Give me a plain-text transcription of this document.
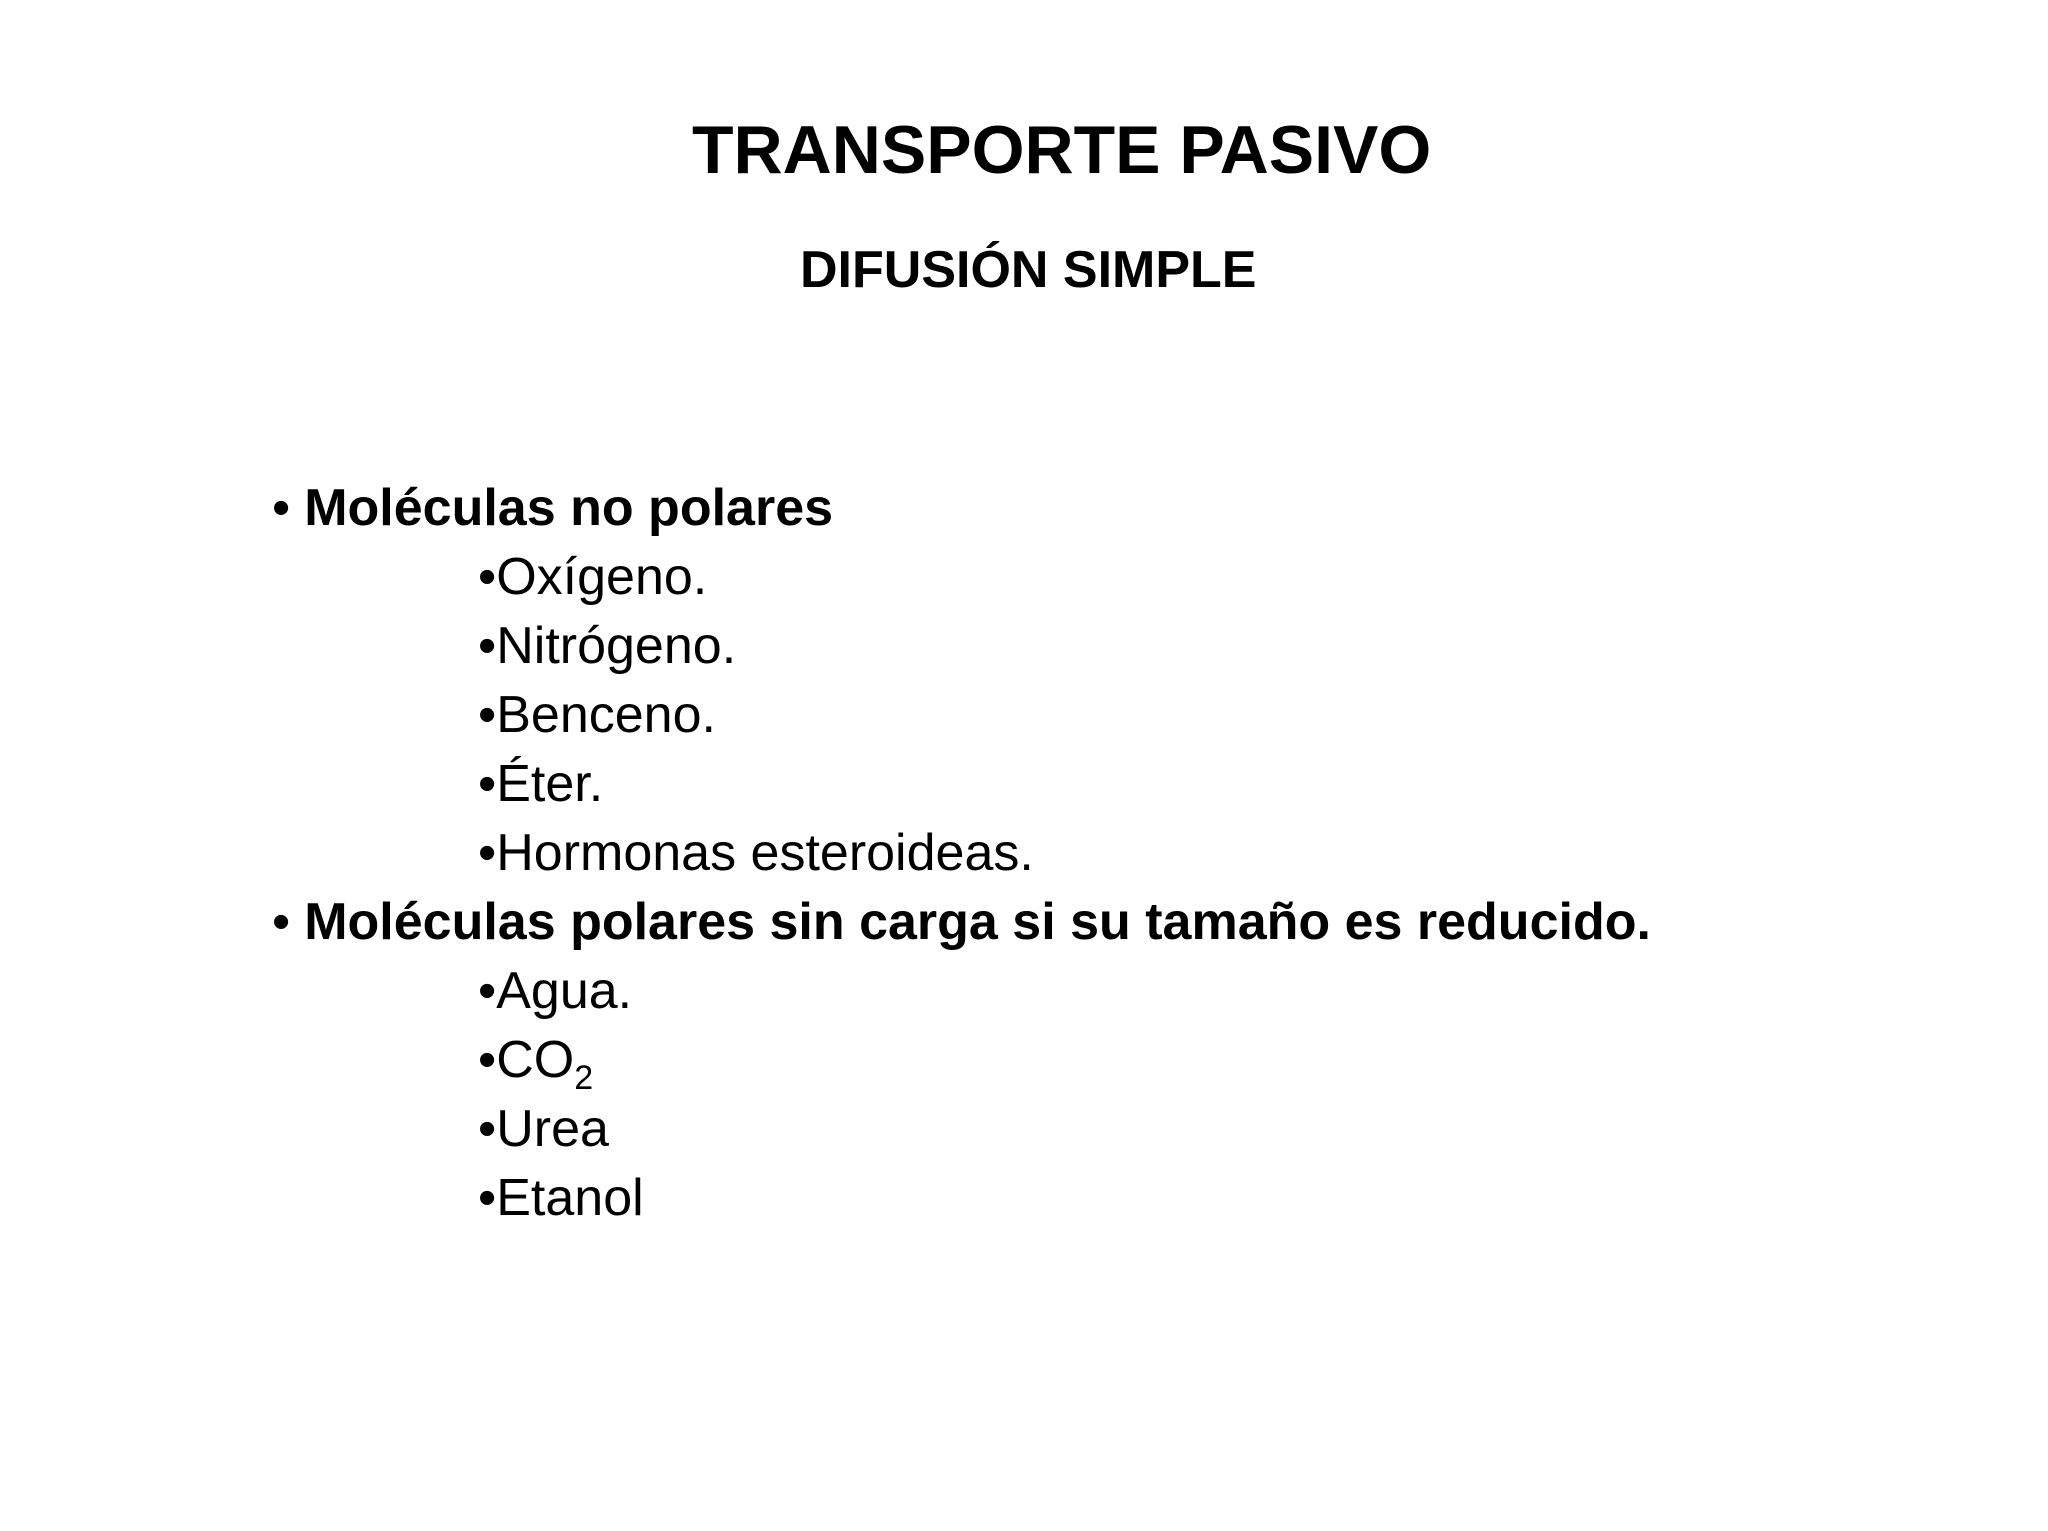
TRANSPORTE PASIVO
DIFUSIÓN SIMPLE

• Moléculas no polares

•Oxígeno.

•Nitrógeno.

•Benceno.

•Éter.

•Hormonas esteroideas.

• Moléculas polares sin carga si su tamaño es reducido.

•Agua.

$•CO_2$

•Urea

•Etanol
